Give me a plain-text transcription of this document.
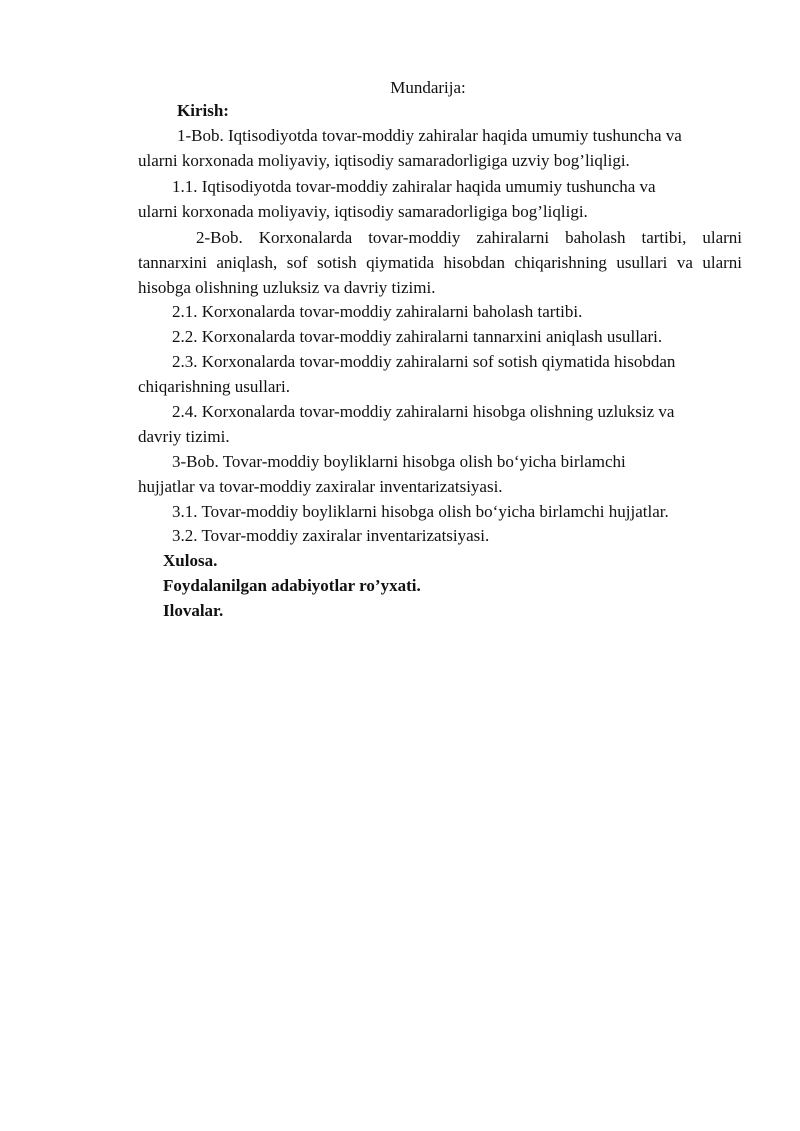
Mundarija:
Kirish:
1-Bob. Iqtisodiyotda tovar-moddiy zahiralar haqida umumiy tushuncha va
ularni korxonada moliyaviy, iqtisodiy samaradorligiga uzviy bog’liqligi.
1.1. Iqtisodiyotda tovar-moddiy zahiralar haqida umumiy tushuncha va
ularni korxonada moliyaviy, iqtisodiy samaradorligiga bog’liqligi.

2-Bob. Korxonalarda tovar-moddiy zahiralarni baholash tartibi, ularni tannarxini aniqlash, sof sotish qiymatida hisobdan chiqarishning usullari va ularni hisobga olishning uzluksiz va davriy tizimi.

2.1. Korxonalarda tovar-moddiy zahiralarni baholash tartibi.
2.2. Korxonalarda tovar-moddiy zahiralarni tannarxini aniqlash usullari.
2.3. Korxonalarda tovar-moddiy zahiralarni sof sotish qiymatida hisobdan
chiqarishning usullari.
2.4. Korxonalarda tovar-moddiy zahiralarni hisobga olishning uzluksiz va
davriy tizimi.
3-Bob. Tovar-moddiy boyliklarni hisobga olish bo‘yicha birlamchi
hujjatlar va tovar-moddiy zaxiralar inventarizatsiyasi.
3.1. Tovar-moddiy boyliklarni hisobga olish bo‘yicha birlamchi hujjatlar.
3.2. Tovar-moddiy zaxiralar inventarizatsiyasi.
Xulosa.
Foydalanilgan adabiyotlar ro’yxati.
Ilovalar.
